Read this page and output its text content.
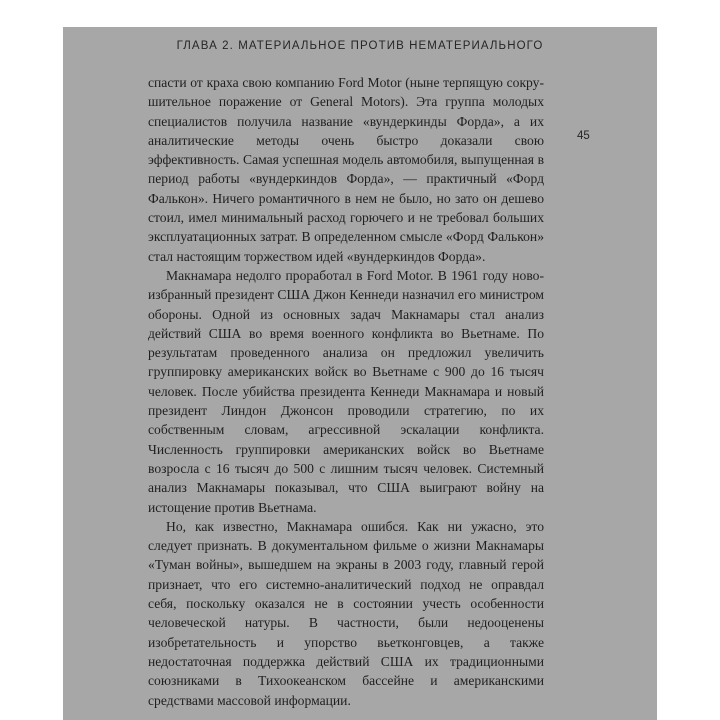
ГЛАВА 2. МАТЕРИАЛЬНОЕ ПРОТИВ НЕМАТЕРИАЛЬНОГО
45

спасти от краха свою компанию Ford Motor (ныне терпящую сокрушительное поражение от General Motors). Эта группа молодых специалистов получила название «вундеркинды Форда», а их аналитические методы очень быстро доказали свою эффективность. Самая успешная модель автомобиля, выпущенная в период работы «вундеркиндов Форда», — практичный «Форд Фалькон». Ничего романтичного в нем не было, но зато он дешево стоил, имел минимальный расход горючего и не требовал больших эксплуатационных затрат. В определенном смысле «Форд Фалькон» стал настоящим торжеством идей «вундеркиндов Форда».

Макнамара недолго проработал в Ford Motor. В 1961 году новоизбранный президент США Джон Кеннеди назначил его министром обороны. Одной из основных задач Макнамары стал анализ действий США во время военного конфликта во Вьетнаме. По результатам проведенного анализа он предложил увеличить группировку американских войск во Вьетнаме с 900 до 16 тысяч человек. После убийства президента Кеннеди Макнамара и новый президент Линдон Джонсон проводили стратегию, по их собственным словам, агрессивной эскалации конфликта. Численность группировки американских войск во Вьетнаме возросла с 16 тысяч до 500 с лишним тысяч человек. Системный анализ Макнамары показывал, что США выиграют войну на истощение против Вьетнама.

Но, как известно, Макнамара ошибся. Как ни ужасно, это следует признать. В документальном фильме о жизни Макнамары «Туман войны», вышедшем на экраны в 2003 году, главный герой признает, что его системно-аналитический подход не оправдал себя, поскольку оказался не в состоянии учесть особенности человеческой натуры. В частности, были недооценены изобретательность и упорство вьетконговцев, а также недостаточная поддержка действий США их традиционными союзниками в Тихоокеанском бассейне и американскими средствами массовой информации.
